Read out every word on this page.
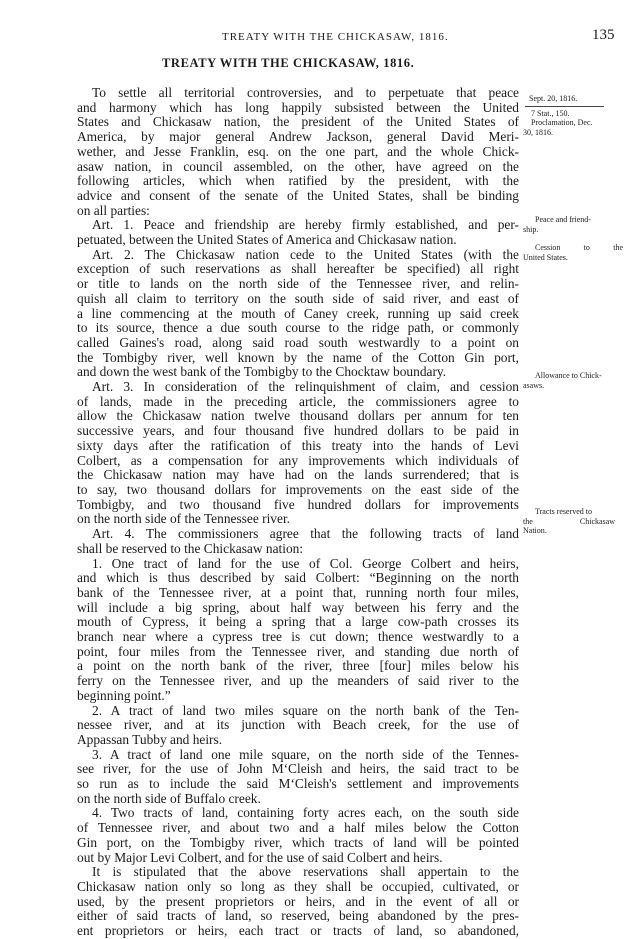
TREATY WITH THE CHICKASAW, 1816.	135
TREATY WITH THE CHICKASAW, 1816.
To settle all territorial controversies, and to perpetuate that peace
and harmony which has long happily subsisted between the United
States and Chickasaw nation, the president of the United States of
America, by major general Andrew Jackson, general David Meri-
wether, and Jesse Franklin, esq. on the one part, and the whole Chick-
asaw nation, in council assembled, on the other, have agreed on the
following articles, which when ratified by the president, with the
advice and consent of the senate of the United States, shall be binding
on all parties:
Art. 1. Peace and friendship are hereby firmly established, and per-
petuated, between the United States of America and Chickasaw nation.
Art. 2. The Chickasaw nation cede to the United States (with the
exception of such reservations as shall hereafter be specified) all right
or title to lands on the north side of the Tennessee river, and relin-
quish all claim to territory on the south side of said river, and east of
a line commencing at the mouth of Caney creek, running up said creek
to its source, thence a due south course to the ridge path, or commonly
called Gaines's road, along said road south westwardly to a point on
the Tombigby river, well known by the name of the Cotton Gin port,
and down the west bank of the Tombigby to the Chocktaw boundary.
Art. 3. In consideration of the relinquishment of claim, and cession
of lands, made in the preceding article, the commissioners agree to
allow the Chickasaw nation twelve thousand dollars per annum for ten
successive years, and four thousand five hundred dollars to be paid in
sixty days after the ratification of this treaty into the hands of Levi
Colbert, as a compensation for any improvements which individuals of
the Chickasaw nation may have had on the lands surrendered; that is
to say, two thousand dollars for improvements on the east side of the
Tombigby, and two thousand five hundred dollars for improvements
on the north side of the Tennessee river.
Art. 4. The commissioners agree that the following tracts of land
shall be reserved to the Chickasaw nation:
1. One tract of land for the use of Col. George Colbert and heirs,
and which is thus described by said Colbert: “Beginning on the north
bank of the Tennessee river, at a point that, running north four miles,
will include a big spring, about half way between his ferry and the
mouth of Cypress, it being a spring that a large cow-path crosses its
branch near where a cypress tree is cut down; thence westwardly to a
point, four miles from the Tennessee river, and standing due north of
a point on the north bank of the river, three [four] miles below his
ferry on the Tennessee river, and up the meanders of said river to the
beginning point.”
2. A tract of land two miles square on the north bank of the Ten-
nessee river, and at its junction with Beach creek, for the use of
Appassan Tubby and heirs.
3. A tract of land one mile square, on the north side of the Tennes-
see river, for the use of John M‘Cleish and heirs, the said tract to be
so run as to include the said M‘Cleish's settlement and improvements
on the north side of Buffalo creek.
4. Two tracts of land, containing forty acres each, on the south side
of Tennessee river, and about two and a half miles below the Cotton
Gin port, on the Tombigby river, which tracts of land will be pointed
out by Major Levi Colbert, and for the use of said Colbert and heirs.
It is stipulated that the above reservations shall appertain to the
Chickasaw nation only so long as they shall be occupied, cultivated, or
used, by the present proprietors or heirs, and in the event of all or
either of said tracts of land, so reserved, being abandoned by the pres-
ent proprietors or heirs, each tract or tracts of land, so abandoned,
Sept. 20, 1816.
7 Stat., 150.
Proclamation, Dec.
30, 1816.
Peace and friend-
ship.
Cession to the
United States.
Allowance to Chick-
asaws.
Tracts reserved to
the Chickasaw
Nation.
